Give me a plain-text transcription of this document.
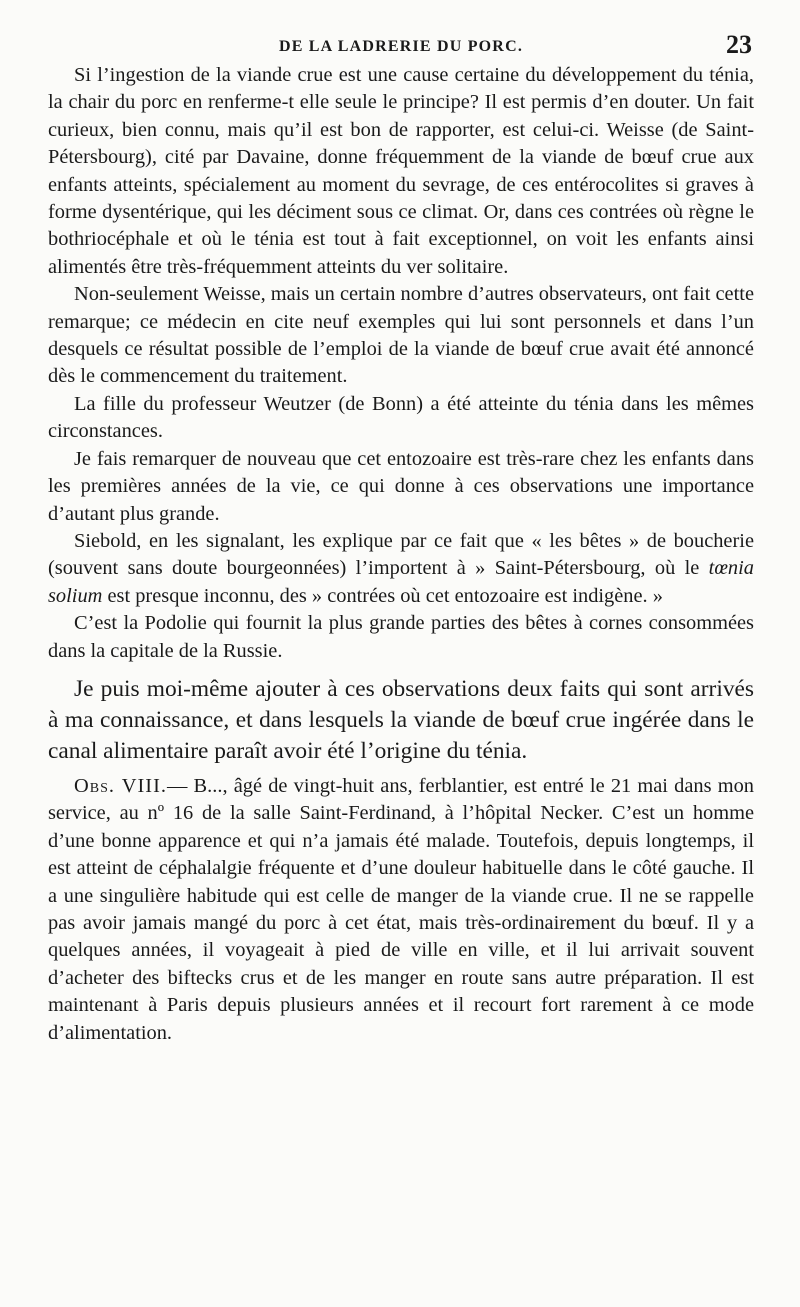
DE LA LADRERIE DU PORC.	23

Si l’ingestion de la viande crue est une cause certaine du développement du ténia, la chair du porc en renferme-t elle seule le principe? Il est permis d’en douter. Un fait curieux, bien connu, mais qu’il est bon de rapporter, est celui-ci. Weisse (de Saint-Pétersbourg), cité par Davaine, donne fréquemment de la viande de bœuf crue aux enfants atteints, spécialement au moment du sevrage, de ces entérocolites si graves à forme dysentérique, qui les déciment sous ce climat. Or, dans ces contrées où règne le bothriocéphale et où le ténia est tout à fait exceptionnel, on voit les enfants ainsi alimentés être très-fréquemment atteints du ver solitaire.

Non-seulement Weisse, mais un certain nombre d’autres observateurs, ont fait cette remarque; ce médecin en cite neuf exemples qui lui sont personnels et dans l’un desquels ce résultat possible de l’emploi de la viande de bœuf crue avait été annoncé dès le commencement du traitement.

La fille du professeur Weutzer (de Bonn) a été atteinte du ténia dans les mêmes circonstances.

Je fais remarquer de nouveau que cet entozoaire est très-rare chez les enfants dans les premières années de la vie, ce qui donne à ces observations une importance d’autant plus grande.

Siebold, en les signalant, les explique par ce fait que « les bêtes » de boucherie (souvent sans doute bourgeonnées) l’importent à » Saint-Pétersbourg, où le tœnia solium est presque inconnu, des » contrées où cet entozoaire est indigène. »

C’est la Podolie qui fournit la plus grande parties des bêtes à cornes consommées dans la capitale de la Russie.

Je puis moi-même ajouter à ces observations deux faits qui sont arrivés à ma connaissance, et dans lesquels la viande de bœuf crue ingérée dans le canal alimentaire paraît avoir été l’origine du ténia.

Obs. VIII.— B..., âgé de vingt-huit ans, ferblantier, est entré le 21 mai dans mon service, au nº 16 de la salle Saint-Ferdinand, à l’hôpital Necker. C’est un homme d’une bonne apparence et qui n’a jamais été malade. Toutefois, depuis longtemps, il est atteint de céphalalgie fréquente et d’une douleur habituelle dans le côté gauche. Il a une singulière habitude qui est celle de manger de la viande crue. Il ne se rappelle pas avoir jamais mangé du porc à cet état, mais très-ordinairement du bœuf. Il y a quelques années, il voyageait à pied de ville en ville, et il lui arrivait souvent d’acheter des biftecks crus et de les manger en route sans autre préparation. Il est maintenant à Paris depuis plusieurs années et il recourt fort rarement à ce mode d’alimentation.
